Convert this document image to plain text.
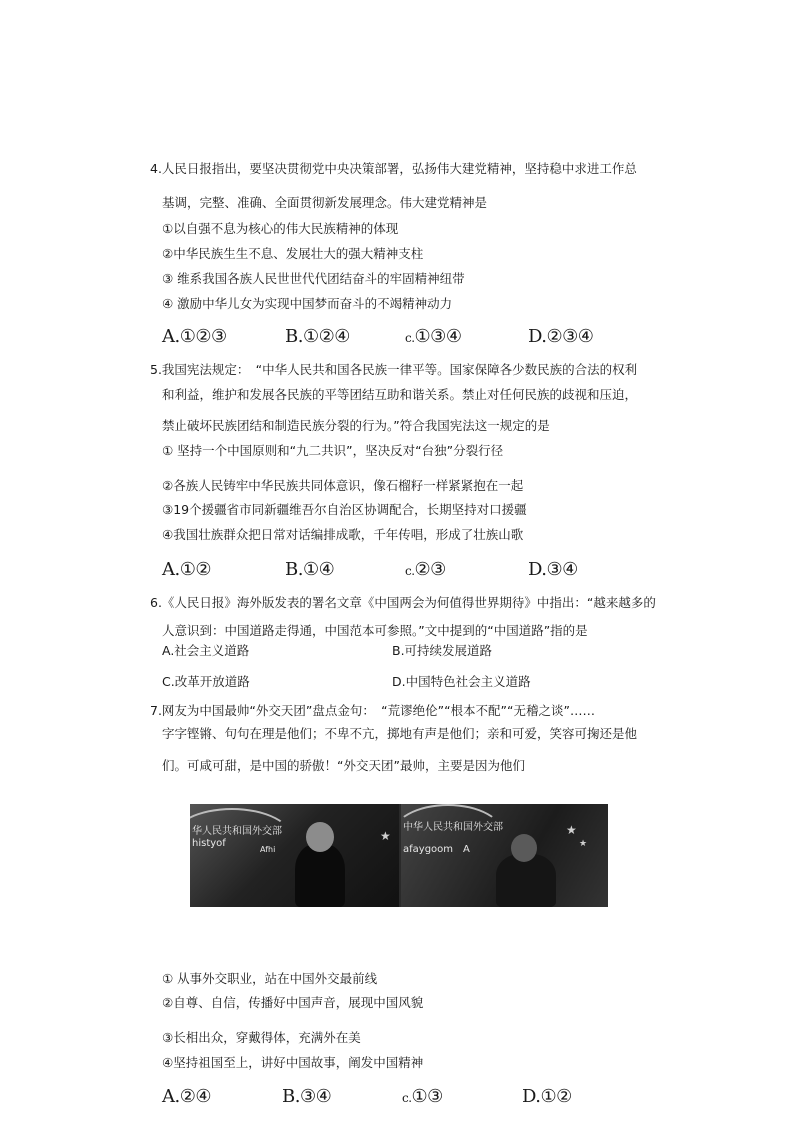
4.人民日报指出，要坚决贯彻党中央决策部署，弘扬伟大建党精神，坚持稳中求进工作总
基调，完整、准确、全面贯彻新发展理念。伟大建党精神是
①以自强不息为核心的伟大民族精神的体现
②中华民族生生不息、发展壮大的强大精神支柱
③ 维系我国各族人民世世代代团结奋斗的牢固精神纽带
④ 激励中华儿女为实现中国梦而奋斗的不竭精神动力
A.①②③	B.①②④	c.①③④	D.②③④
5.我国宪法规定：　“中华人民共和国各民族一律平等。国家保障各少数民族的合法的权利
和利益，维护和发展各民族的平等团结互助和谐关系。禁止对任何民族的歧视和压迫，
禁止破坏民族团结和制造民族分裂的行为。”符合我国宪法这一规定的是
① 坚持一个中国原则和“九二共识”，坚决反对“台独”分裂行径
②各族人民铸牢中华民族共同体意识，像石榴籽一样紧紧抱在一起
③19个援疆省市同新疆维吾尔自治区协调配合，长期坚持对口援疆
④我国壮族群众把日常对话编排成歌，千年传唱，形成了壮族山歌
A.①②	B.①④	c.②③	D.③④
6.《人民日报》海外版发表的署名文章《中国两会为何值得世界期待》中指出：“越来越多的
人意识到：中国道路走得通，中国范本可参照。”文中提到的“中国道路”指的是
A.社会主义道路	B.可持续发展道路
C.改革开放道路	D.中国特色社会主义道路
7.网友为中国最帅“外交天团”盘点金句：　“荒谬绝伦”“根本不配”“无稽之谈”……
字字铿锵、句句在理是他们；不卑不亢，掷地有声是他们；亲和可爱，笑容可掬还是他
们。可咸可甜，是中国的骄傲！“外交天团”最帅，主要是因为他们
华人民共和国外交部
histyof
Afhi
★
中华人民共和国外交部
afaygoom A
★
★
① 从事外交职业，站在中国外交最前线
②自尊、自信，传播好中国声音，展现中国风貌
③长相出众，穿戴得体，充满外在美
④坚持祖国至上，讲好中国故事，阐发中国精神
A.②④	B.③④	c.①③	D.①②
